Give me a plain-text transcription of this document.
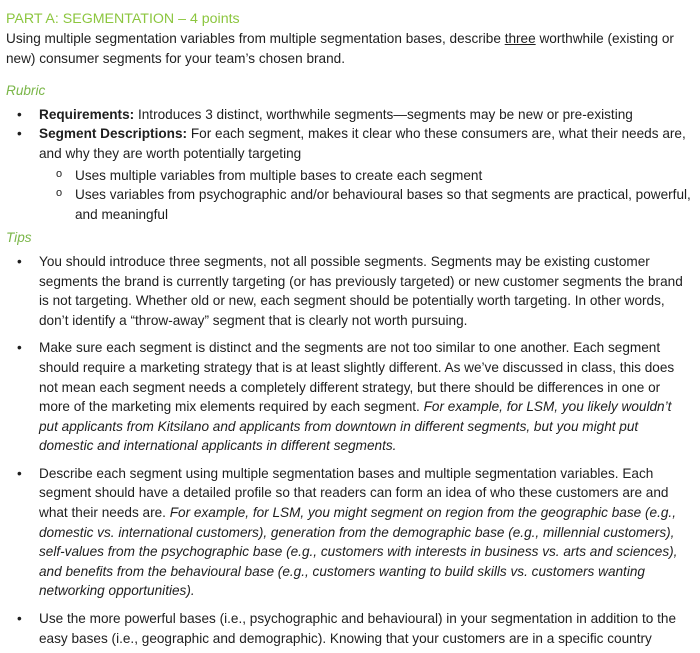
PART A: SEGMENTATION – 4 points

Using multiple segmentation variables from multiple segmentation bases, describe three worthwhile (existing or new) consumer segments for your team’s chosen brand.

Rubric
• Requirements: Introduces 3 distinct, worthwhile segments—segments may be new or pre-existing
• Segment Descriptions: For each segment, makes it clear who these consumers are, what their needs are, and why they are worth potentially targeting
o Uses multiple variables from multiple bases to create each segment
o Uses variables from psychographic and/or behavioural bases so that segments are practical, powerful, and meaningful
Tips
• You should introduce three segments, not all possible segments. Segments may be existing customer segments the brand is currently targeting (or has previously targeted) or new customer segments the brand is not targeting. Whether old or new, each segment should be potentially worth targeting. In other words, don’t identify a “throw-away” segment that is clearly not worth pursuing.
• Make sure each segment is distinct and the segments are not too similar to one another. Each segment should require a marketing strategy that is at least slightly different. As we’ve discussed in class, this does not mean each segment needs a completely different strategy, but there should be differences in one or more of the marketing mix elements required by each segment. For example, for LSM, you likely wouldn’t put applicants from Kitsilano and applicants from downtown in different segments, but you might put domestic and international applicants in different segments.
• Describe each segment using multiple segmentation bases and multiple segmentation variables. Each segment should have a detailed profile so that readers can form an idea of who these customers are and what their needs are. For example, for LSM, you might segment on region from the geographic base (e.g., domestic vs. international customers), generation from the demographic base (e.g., millennial customers), self-values from the psychographic base (e.g., customers with interests in business vs. arts and sciences), and benefits from the behavioural base (e.g., customers wanting to build skills vs. customers wanting networking opportunities).
• Use the more powerful bases (i.e., psychographic and behavioural) in your segmentation in addition to the easy bases (i.e., geographic and demographic). Knowing that your customers are in a specific country
